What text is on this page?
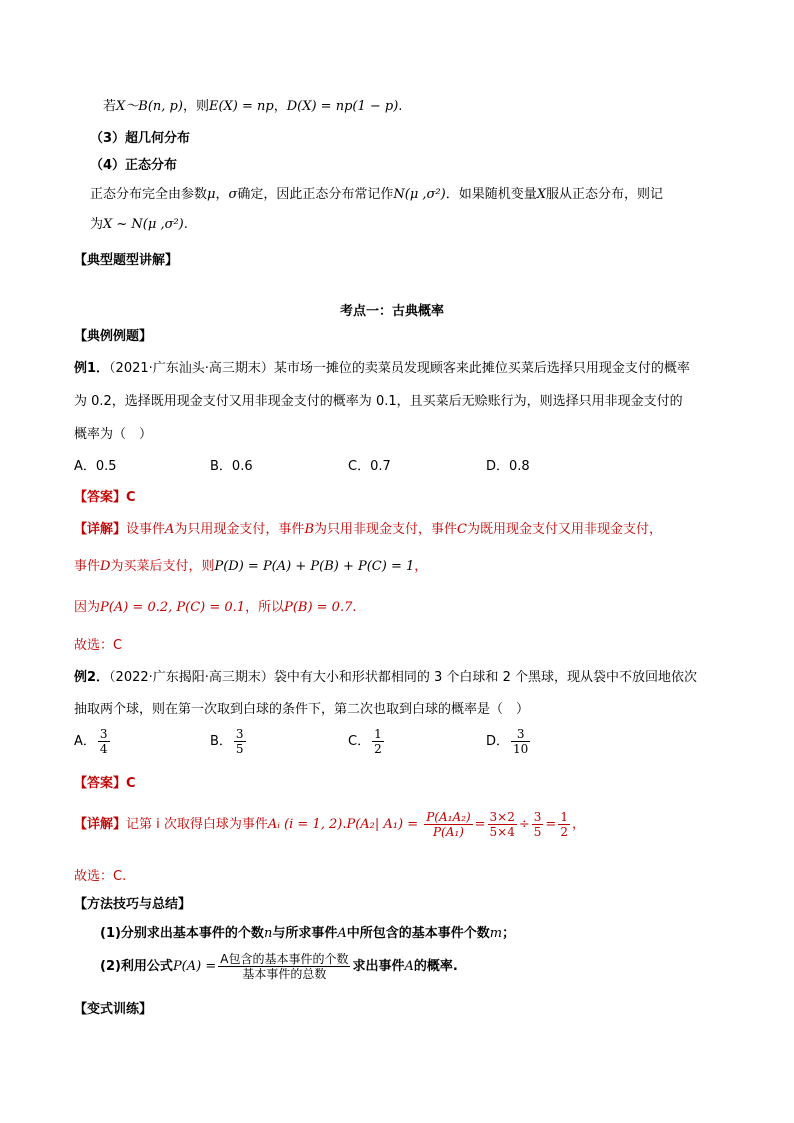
若X～B(n, p)，则E(X) = np，D(X) = np(1 − p).
（3）超几何分布
（4）正态分布
正态分布完全由参数μ，σ确定，因此正态分布常记作N(μ ,σ²)．如果随机变量X服从正态分布，则记
为X ~ N(μ ,σ²).
【典型题型讲解】
考点一：古典概率
【典例例题】
例1．（2021·广东汕头·高三期末）某市场一摊位的卖菜员发现顾客来此摊位买菜后选择只用现金支付的概率
为 0.2，选择既用现金支付又用非现金支付的概率为 0.1，且买菜后无赊账行为，则选择只用非现金支付的
概率为（　）
A．0.5	B．0.6	C．0.7	D．0.8
【答案】C
【详解】设事件A为只用现金支付，事件B为只用非现金支付，事件C为既用现金支付又用非现金支付，
事件D为买菜后支付，则P(D) = P(A) + P(B) + P(C) = 1，
因为P(A) = 0.2, P(C) = 0.1，所以P(B) = 0.7.
故选：C
例2．（2022·广东揭阳·高三期末）袋中有大小和形状都相同的 3 个白球和 2 个黑球，现从袋中不放回地依次
抽取两个球，则在第一次取到白球的条件下，第二次也取到白球的概率是（　）
A． $\frac{3}{4}$	B． $\frac{3}{5}$	C． $\frac{1}{2}$	D． $\frac{3}{10}$
【答案】C
【详解】记第 i 次取得白球为事件Aᵢ (i = 1, 2).P(A₂| $A_1) = \frac{\text{P(A₁A₂)}}{\text{P(A₁)}} = \frac{3\times 2}{5\times 4} \div \frac{3}{5} = \frac{1}{2}$ ，
故选：C.
【方法技巧与总结】
(1)分别求出基本事件的个数n与所求事件A中所包含的基本事件个数m；
(2)利用公式$P(A) = \frac{\text{A包含的基本事件的个数}}{\text{基本事件的总数}}$ 求出事件A的概率.
【变式训练】
